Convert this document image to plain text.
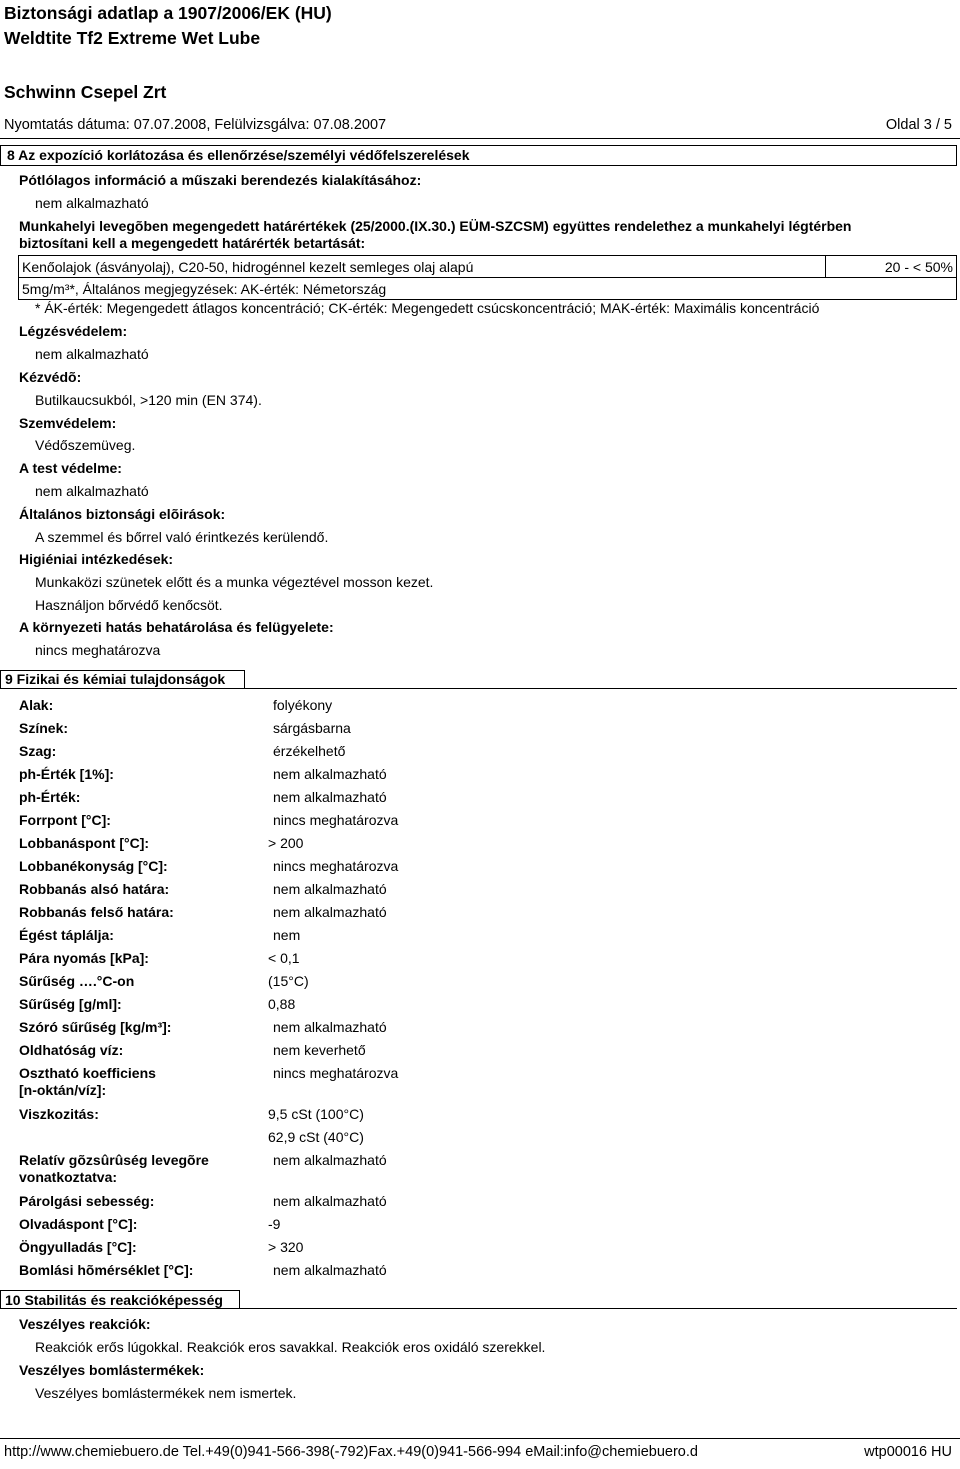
Biztonsági adatlap a 1907/2006/EK (HU)
Weldtite Tf2 Extreme Wet Lube
Schwinn Csepel Zrt
Nyomtatás dátuma: 07.07.2008, Felülvizsgálva: 07.08.2007	Oldal 3 / 5
8 Az expozíció korlátozása és ellenőrzése/személyi védőfelszerelések
Pótlólagos információ a műszaki berendezés kialakításához:
nem alkalmazható
Munkahelyi levegõben megengedett határértékek (25/2000.(IX.30.) EÜM-SZCSM) együttes rendelethez a munkahelyi légtérben
biztosítani kell a megengedett határérték betartását:
Kenőolajok (ásványolaj), C20-50, hidrogénnel kezelt semleges olaj alapú	20 - < 50%
5mg/m³*, Általános megjegyzések: AK-érték: Németország
* ÁK-érték: Megengedett átlagos koncentráció; CK-érték: Megengedett csúcskoncentráció; MAK-érték: Maximális koncentráció
Légzésvédelem:
nem alkalmazható
Kézvédõ:
Butilkaucsukból, >120 min (EN 374).
Szemvédelem:
Védőszemüveg.
A test védelme:
nem alkalmazható
Általános biztonsági elõirások:
A szemmel és bőrrel való érintkezés kerülendő.
Higiéniai intézkedések:
Munkaközi szünetek előtt és a munka végeztével mosson kezet.
Használjon bőrvédő kenőcsöt.
A környezeti hatás behatárolása és felügyelete:
nincs meghatározva
9 Fizikai és kémiai tulajdonságok
Alak:	folyékony
Színek:	sárgásbarna
Szag:	érzékelhető
ph-Érték [1%]:	nem alkalmazható
ph-Érték:	nem alkalmazható
Forrpont [°C]:	nincs meghatározva
Lobbanáspont [°C]:	> 200
Lobbanékonyság [°C]:	nincs meghatározva
Robbanás alsó határa:	nem alkalmazható
Robbanás felső határa:	nem alkalmazható
Égést táplálja:	nem
Pára nyomás [kPa]:	< 0,1
Sűrűség ….°C-on	(15°C)
Sűrűség [g/ml]:	0,88
Szóró sűrűség [kg/m³]:	nem alkalmazható
Oldhatóság víz:	nem keverhető
Osztható koefficiens
[n-oktán/víz]:
nincs meghatározva
Viszkozitás:	9,5 cSt (100°C)
62,9 cSt (40°C)
Relatív gõzsûrûség levegõre
vonatkoztatva:
nem alkalmazható
Párolgási sebesség:	nem alkalmazható
Olvadáspont [°C]:	-9
Öngyulladás [°C]:	> 320
Bomlási hõmérséklet [°C]:	nem alkalmazható
10 Stabilitás és reakcióképesség
Veszélyes reakciók:
Reakciók erős lúgokkal. Reakciók eros savakkal. Reakciók eros oxidáló szerekkel.
Veszélyes bomlástermékek:
Veszélyes bomlástermékek nem ismertek.
http://www.chemiebuero.de Tel.+49(0)941-566-398(-792)Fax.+49(0)941-566-994 eMail:info@chemiebuero.d	wtp00016 HU
